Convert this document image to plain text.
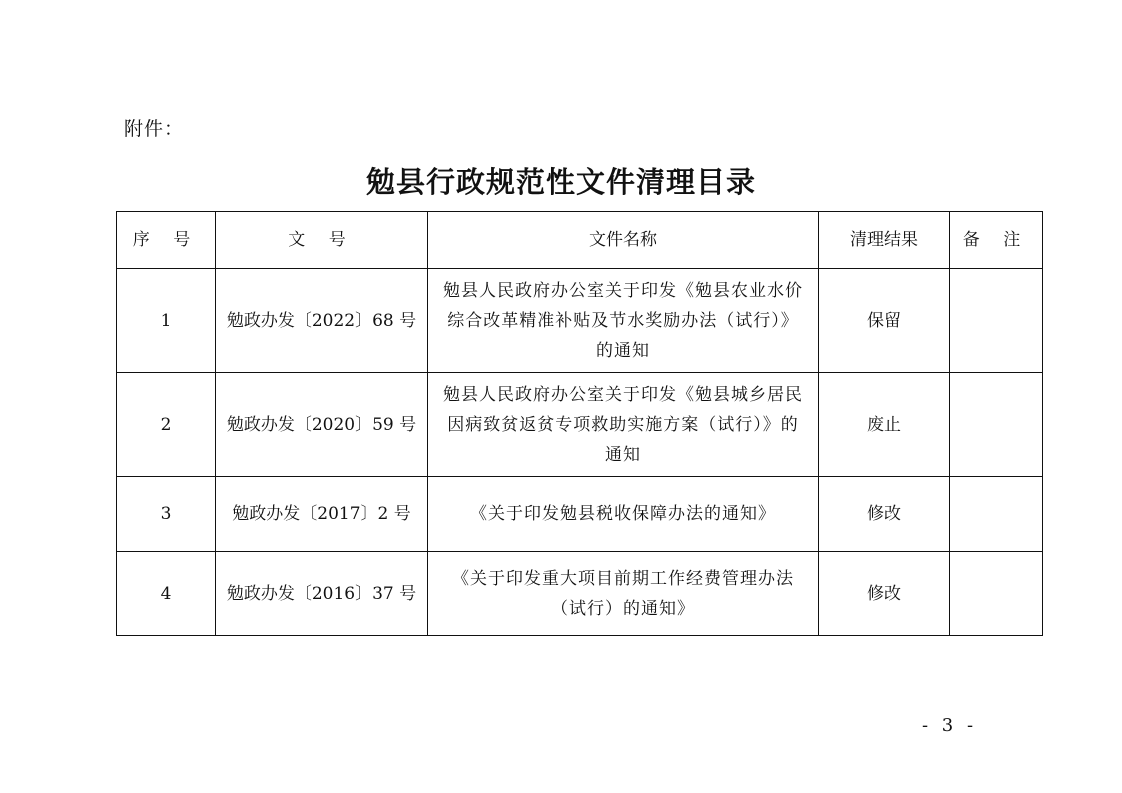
附件：
勉县行政规范性文件清理目录
序 号	文 号	文件名称	清理结果	备 注
1	勉政办发〔2022〕68 号	勉县人民政府办公室关于印发《勉县农业水价
综合改革精准补贴及节水奖励办法（试行）》
的通知	保留	
2	勉政办发〔2020〕59 号	勉县人民政府办公室关于印发《勉县城乡居民
因病致贫返贫专项救助实施方案（试行）》的
通知	废止	
3	勉政办发〔2017〕2 号	《关于印发勉县税收保障办法的通知》	修改	
4	勉政办发〔2016〕37 号	《关于印发重大项目前期工作经费管理办法
（试行）的通知》	修改	
- 3 -
